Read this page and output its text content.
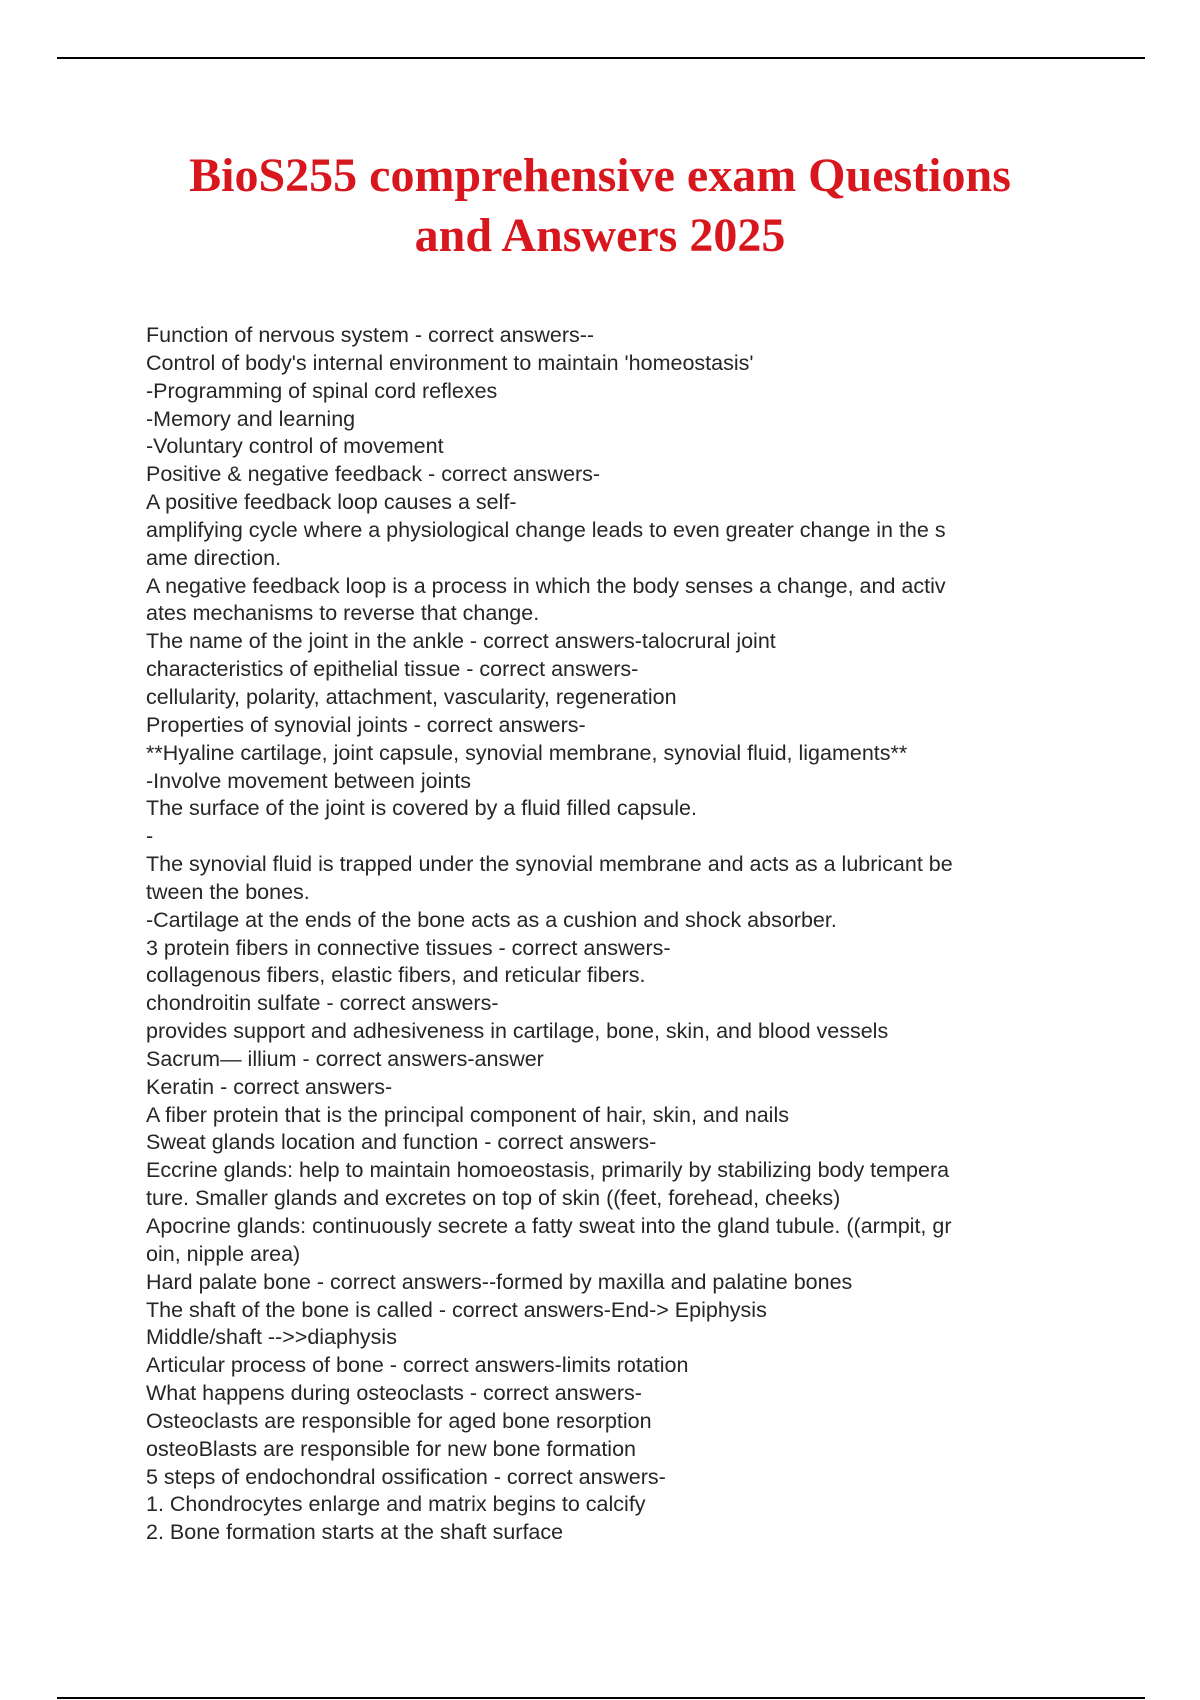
BioS255 comprehensive exam Questions
and Answers 2025
Function of nervous system - correct answers--
Control of body's internal environment to maintain 'homeostasis'
-Programming of spinal cord reflexes
-Memory and learning
-Voluntary control of movement
Positive & negative feedback - correct answers-
A positive feedback loop causes a self-
amplifying cycle where a physiological change leads to even greater change in the s
ame direction.
A negative feedback loop is a process in which the body senses a change, and activ
ates mechanisms to reverse that change.
The name of the joint in the ankle - correct answers-talocrural joint
characteristics of epithelial tissue - correct answers-
cellularity, polarity, attachment, vascularity, regeneration
Properties of synovial joints - correct answers-
**Hyaline cartilage, joint capsule, synovial membrane, synovial fluid, ligaments**
-Involve movement between joints
The surface of the joint is covered by a fluid filled capsule.
-
The synovial fluid is trapped under the synovial membrane and acts as a lubricant be
tween the bones.
-Cartilage at the ends of the bone acts as a cushion and shock absorber.
3 protein fibers in connective tissues - correct answers-
collagenous fibers, elastic fibers, and reticular fibers.
chondroitin sulfate - correct answers-
provides support and adhesiveness in cartilage, bone, skin, and blood vessels
Sacrum— illium - correct answers-answer
Keratin - correct answers-
A fiber protein that is the principal component of hair, skin, and nails
Sweat glands location and function - correct answers-
Eccrine glands: help to maintain homoeostasis, primarily by stabilizing body tempera
ture. Smaller glands and excretes on top of skin ((feet, forehead, cheeks)
Apocrine glands: continuously secrete a fatty sweat into the gland tubule. ((armpit, gr
oin, nipple area)
Hard palate bone - correct answers--formed by maxilla and palatine bones
The shaft of the bone is called - correct answers-End-> Epiphysis
Middle/shaft -->>diaphysis
Articular process of bone - correct answers-limits rotation
What happens during osteoclasts - correct answers-
Osteoclasts are responsible for aged bone resorption
osteoBlasts are responsible for new bone formation
5 steps of endochondral ossification - correct answers-
1. Chondrocytes enlarge and matrix begins to calcify
2. Bone formation starts at the shaft surface
